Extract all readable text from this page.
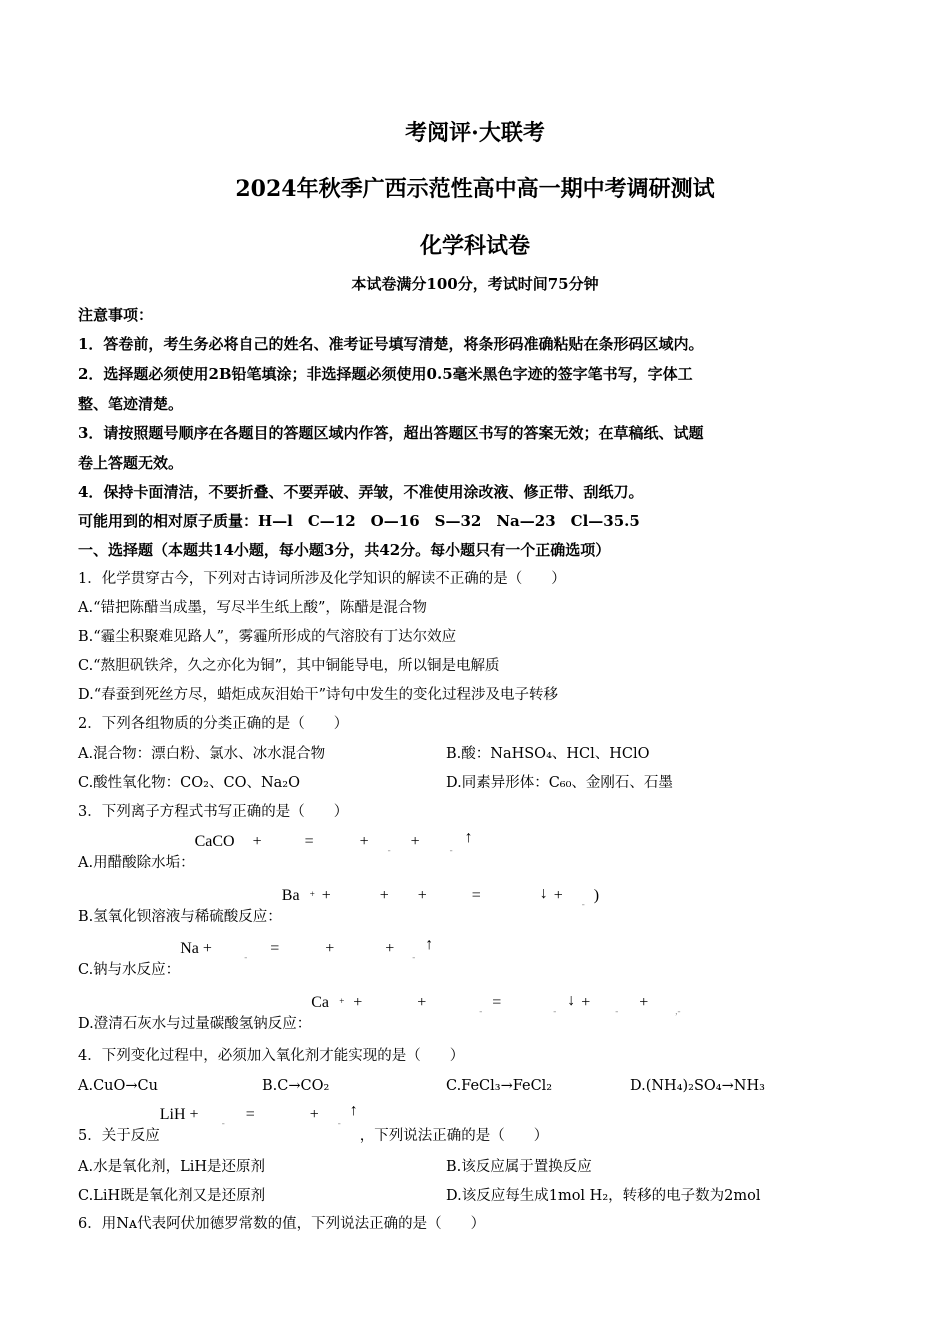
考阅评·大联考
2024年秋季广西示范性高中高一期中考调研测试
化学科试卷
本试卷满分100分，考试时间75分钟
注意事项：
1．答卷前，考生务必将自己的姓名、准考证号填写清楚，将条形码准确粘贴在条形码区域内。
2．选择题必须使用2B铅笔填涂；非选择题必须使用0.5毫米黑色字迹的签字笔书写，字体工
整、笔迹清楚。
3．请按照题号顺序在各题目的答题区域内作答，超出答题区书写的答案无效；在草稿纸、试题
卷上答题无效。
4．保持卡面清洁，不要折叠、不要弄破、弄皱，不准使用涂改液、修正带、刮纸刀。
可能用到的相对原子质量：H—l　C—12　O—16　S—32　Na—23　Cl—35.5
一、选择题（本题共14小题，每小题3分，共42分。每小题只有一个正确选项）
1．化学贯穿古今，下列对古诗词所涉及化学知识的解读不正确的是（　　）
A.“错把陈醋当成墨，写尽半生纸上酸”，陈醋是混合物
B.“霾尘积聚难见路人”，雾霾所形成的气溶胶有丁达尔效应
C.“熬胆矾铁斧，久之亦化为铜”，其中铜能导电，所以铜是电解质
D.“春蚕到死丝方尽，蜡炬成灰泪始干”诗句中发生的变化过程涉及电子转移
2．下列各组物质的分类正确的是（　　）
A.混合物：漂白粉、氯水、冰水混合物	B.酸：NaHSO₄、HCl、HClO
C.酸性氧化物：CO₂、CO、Na₂O	D.同素异形体：C₆₀、金刚石、石墨
3．下列离子方程式书写正确的是（　　）
A.用醋酸除水垢：
CaCO +	=	+ - +	-
↑
B.氢氧化钡溶液与稀硫酸反应：
Ba + +	+ +	=	↓ + - )
C.钠与水反应：
Na +	- =	+	+ -
↑
D.澄清石灰水与过量碳酸氢钠反应：
Ca + +	+	- =	-
↓ +	- +	,-
4．下列变化过程中，必须加入氧化剂才能实现的是（　　）
A.CuO→Cu	B.C→CO₂	C.FeCl₃→FeCl₂	D.(NH₄)₂SO₄→NH₃
5．关于反应
LiH +	- =	+ -
↑
，下列说法正确的是（　　）
A.水是氧化剂，LiH是还原剂	B.该反应属于置换反应
C.LiH既是氧化剂又是还原剂	D.该反应每生成1mol H₂，转移的电子数为2mol
6．用Nᴀ代表阿伏加德罗常数的值，下列说法正确的是（　　）
